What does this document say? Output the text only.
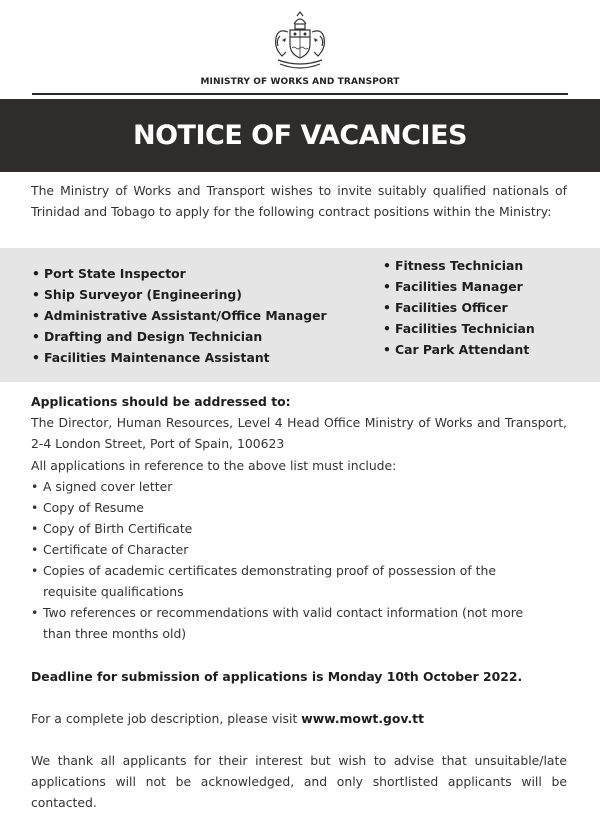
MINISTRY OF WORKS AND TRANSPORT
NOTICE OF VACANCIES

The Ministry of Works and Transport wishes to invite suitably qualified nationals of Trinidad and Tobago to apply for the following contract positions within the Ministry:

• Port State Inspector
• Ship Surveyor (Engineering)
• Administrative Assistant/Office Manager
• Drafting and Design Technician
• Facilities Maintenance Assistant
• Fitness Technician
• Facilities Manager
• Facilities Officer
• Facilities Technician
• Car Park Attendant
Applications should be addressed to:

The Director, Human Resources, Level 4 Head Office Ministry of Works and Transport, 2-4 London Street, Port of Spain, 100623

All applications in reference to the above list must include:

• A signed cover letter
• Copy of Resume
• Copy of Birth Certificate
• Certificate of Character
• Copies of academic certificates demonstrating proof of possession of the requisite qualifications
• Two references or recommendations with valid contact information (not more than three months old)
Deadline for submission of applications is Monday 10th October 2022.
For a complete job description, please visit www.mowt.gov.tt

We thank all applicants for their interest but wish to advise that unsuitable/late applications will not be acknowledged, and only shortlisted applicants will be contacted.
